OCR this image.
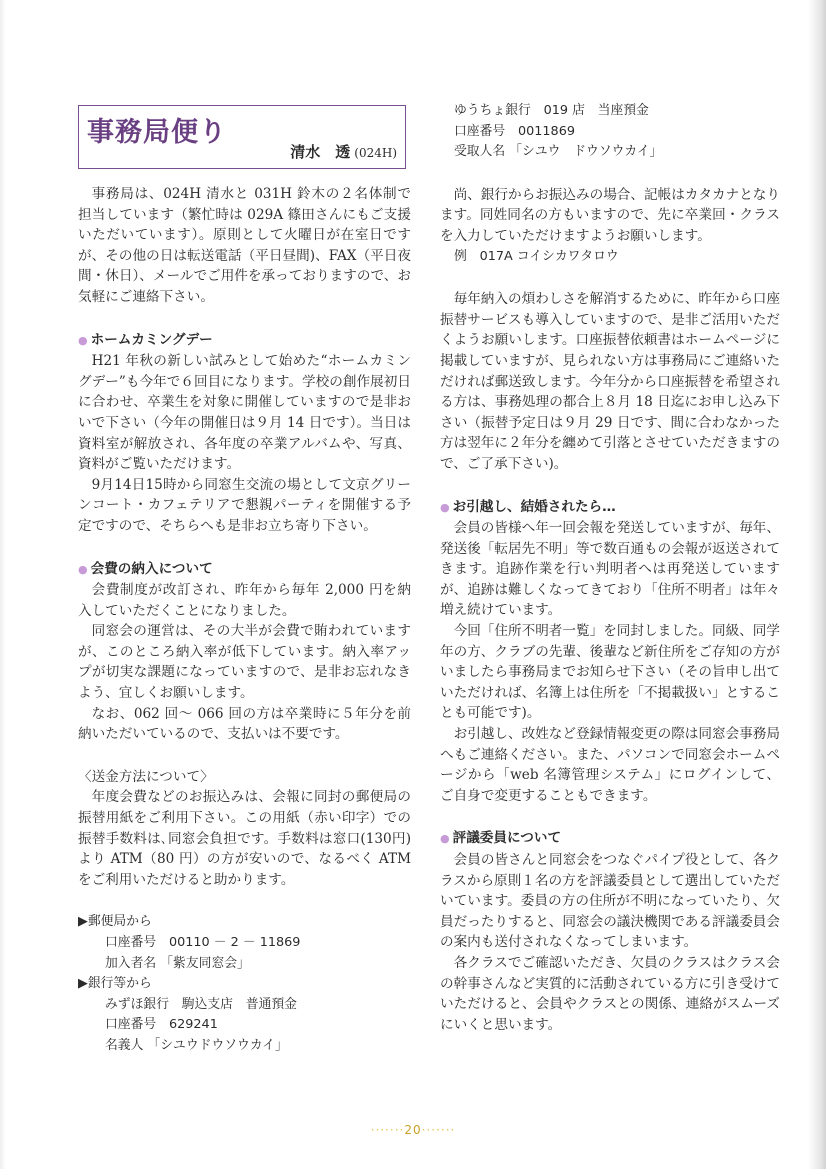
事務局便り
清水　透 (024H)

事務局は、024H 清水と 031H 鈴木の２名体制で担当しています（繁忙時は 029A 篠田さんにもご支援いただいています）。原則として火曜日が在室日ですが、その他の日は転送電話（平日昼間)、FAX（平日夜間・休日）、メールでご用件を承っておりますので、お気軽にご連絡下さい。

● ホームカミングデー

H21 年秋の新しい試みとして始めた“ホームカミングデー”も今年で６回目になります。学校の創作展初日に合わせ、卒業生を対象に開催していますので是非おいで下さい（今年の開催日は９月 14 日です）。当日は資料室が解放され、各年度の卒業アルバムや、写真、資料がご覧いただけます。

9月14日15時から同窓生交流の場として文京グリーンコート・カフェテリアで懇親パーティを開催する予定ですので、そちらへも是非お立ち寄り下さい。

● 会費の納入について

会費制度が改訂され、昨年から毎年 2,000 円を納入していただくことになりました。

同窓会の運営は、その大半が会費で賄われていますが、このところ納入率が低下しています。納入率アップが切実な課題になっていますので、是非お忘れなきよう、宜しくお願いします。

なお、062 回〜 066 回の方は卒業時に５年分を前納いただいているので、支払いは不要です。

〈送金方法について〉

年度会費などのお振込みは、会報に同封の郵便局の振替用紙をご利用下さい。この用紙（赤い印字）での振替手数料は､同窓会負担です。手数料は窓口(130円)より ATM（80 円）の方が安いので、なるべく ATM をご利用いただけると助かります。

▶郵便局から
口座番号　00110 － 2 － 11869
加入者名 「紫友同窓会」
▶銀行等から
みずほ銀行　駒込支店　普通預金
口座番号　629241
名義人 「シユウドウソウカイ」
ゆうちょ銀行　019 店　当座預金
口座番号　0011869
受取人名 「シユウ　ドウソウカイ」

尚、銀行からお振込みの場合、記帳はカタカナとなります。同姓同名の方もいますので、先に卒業回・クラスを入力していただけますようお願いします。

例　017A コイシカワタロウ

毎年納入の煩わしさを解消するために、昨年から口座振替サービスも導入していますので、是非ご活用いただくようお願いします。口座振替依頼書はホームページに掲載していますが、見られない方は事務局にご連絡いただければ郵送致します。今年分から口座振替を希望される方は、事務処理の都合上８月 18 日迄にお申し込み下さい（振替予定日は９月 29 日です、間に合わなかった方は翌年に２年分を纏めて引落とさせていただきますので、ご了承下さい)。

● お引越し、結婚されたら…

会員の皆様へ年一回会報を発送していますが、毎年、発送後「転居先不明」等で数百通もの会報が返送されてきます。追跡作業を行い判明者へは再発送していますが、追跡は難しくなってきており「住所不明者」は年々増え続けています。

今回「住所不明者一覧」を同封しました。同級、同学年の方、クラブの先輩、後輩など新住所をご存知の方がいましたら事務局までお知らせ下さい（その旨申し出ていただければ、名簿上は住所を「不掲載扱い」とすることも可能です)。

お引越し、改姓など登録情報変更の際は同窓会事務局へもご連絡ください。また、パソコンで同窓会ホームページから「web 名簿管理システム」にログインして、ご自身で変更することもできます。

● 評議委員について

会員の皆さんと同窓会をつなぐパイプ役として、各クラスから原則１名の方を評議委員として選出していただいています。委員の方の住所が不明になっていたり、欠員だったりすると、同窓会の議決機関である評議委員会の案内も送付されなくなってしまいます。

各クラスでご確認いただき、欠員のクラスはクラス会の幹事さんなど実質的に活動されている方に引き受けていただけると、会員やクラスとの関係、連絡がスムーズにいくと思います。

·······20·······
